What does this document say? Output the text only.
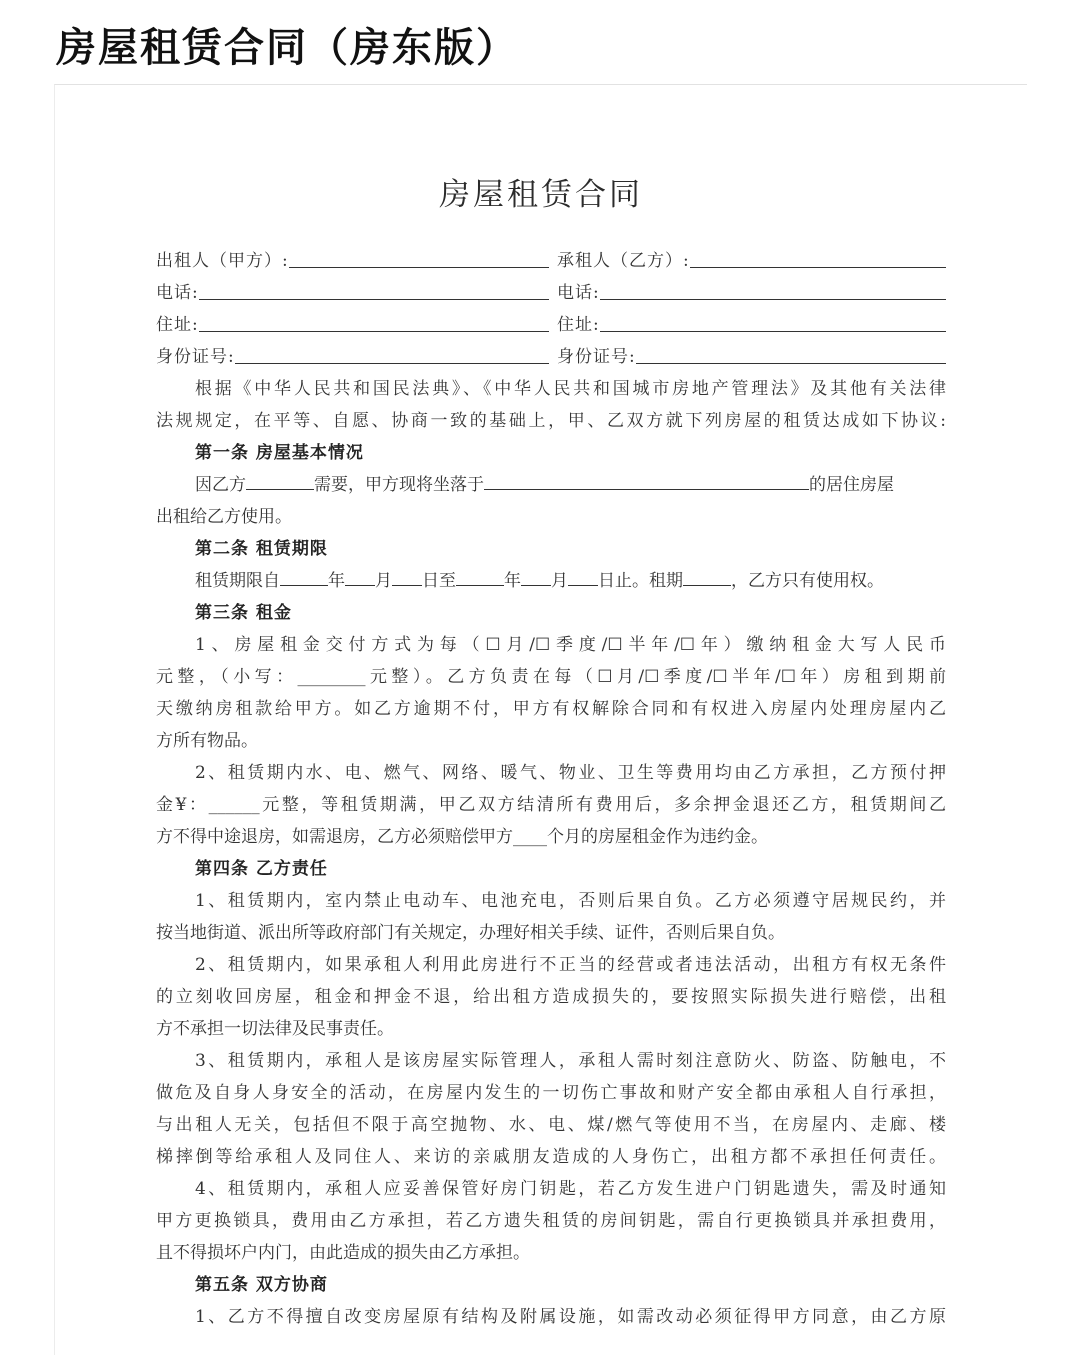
房屋租赁合同（房东版）
房屋租赁合同
出租人（甲方）:	承租人（乙方）:
电话:	电话:
住址:	住址:
身份证号:	身份证号:
根据《中华人民共和国民法典》、《中华人民共和国城市房地产管理法》及其他有关法律
法规规定，在平等、自愿、协商一致的基础上，甲、乙双方就下列房屋的租赁达成如下协议:
第一条 房屋基本情况
因乙方	需要，甲方现将坐落于	的居住房屋
出租给乙方使用。
第二条 租赁期限
租赁期限自	年 月 日至	年 月 日止。租期	，乙方只有使用权。
第三条 租金
1、房屋租金交付方式为每（☐月/☐季度/☐半年/☐年）缴纳租金大写人民币
元整，（小写：________元整）。乙方负责在每（☐月/☐季度/☐半年/☐年）房租到期前
天缴纳房租款给甲方。如乙方逾期不付，甲方有权解除合同和有权进入房屋内处理房屋内乙
方所有物品。
2、租赁期内水、电、燃气、网络、暖气、物业、卫生等费用均由乙方承担，乙方预付押
金¥：______元整，等租赁期满，甲乙双方结清所有费用后，多余押金退还乙方，租赁期间乙
方不得中途退房，如需退房，乙方必须赔偿甲方____个月的房屋租金作为违约金。
第四条 乙方责任
1、租赁期内，室内禁止电动车、电池充电，否则后果自负。乙方必须遵守居规民约，并
按当地街道、派出所等政府部门有关规定，办理好相关手续、证件，否则后果自负。
2、租赁期内，如果承租人利用此房进行不正当的经营或者违法活动，出租方有权无条件
的立刻收回房屋，租金和押金不退，给出租方造成损失的，要按照实际损失进行赔偿，出租
方不承担一切法律及民事责任。
3、租赁期内，承租人是该房屋实际管理人，承租人需时刻注意防火、防盗、防触电，不
做危及自身人身安全的活动，在房屋内发生的一切伤亡事故和财产安全都由承租人自行承担，
与出租人无关，包括但不限于高空抛物、水、电、煤/燃气等使用不当，在房屋内、走廊、楼
梯摔倒等给承租人及同住人、来访的亲戚朋友造成的人身伤亡，出租方都不承担任何责任。
4、租赁期内，承租人应妥善保管好房门钥匙，若乙方发生进户门钥匙遗失，需及时通知
甲方更换锁具，费用由乙方承担，若乙方遗失租赁的房间钥匙，需自行更换锁具并承担费用，
且不得损坏户内门，由此造成的损失由乙方承担。
第五条 双方协商
1、乙方不得擅自改变房屋原有结构及附属设施，如需改动必须征得甲方同意，由乙方原
